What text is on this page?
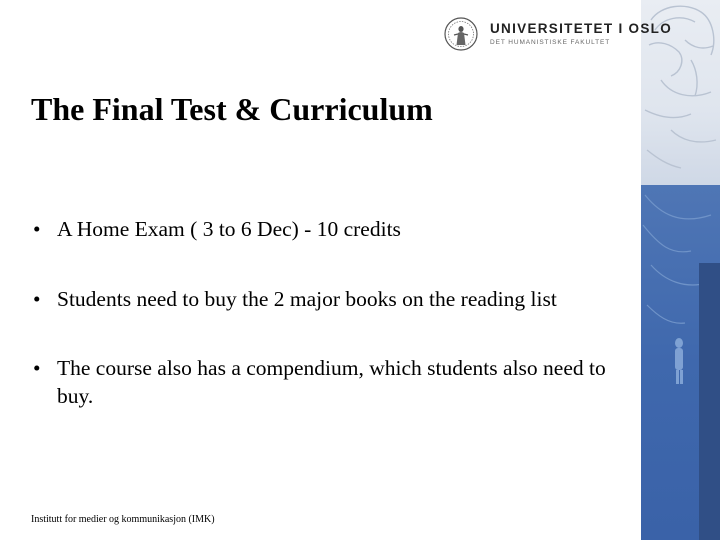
UNIVERSITETET I OSLO
DET HUMANISTISKE FAKULTET
The Final Test & Curriculum
• A Home Exam ( 3 to 6 Dec) - 10 credits
• Students need to buy the 2 major books on the reading list
• The course also has a compendium, which students also need to buy.
Institutt for medier og kommunikasjon (IMK)
